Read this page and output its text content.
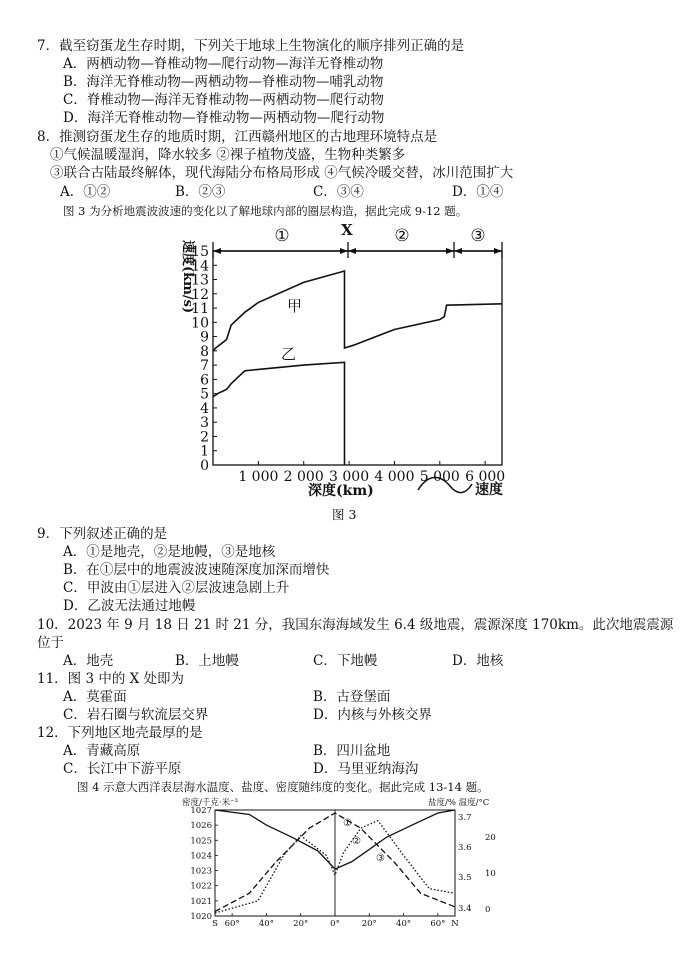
7．截至窃蛋龙生存时期，下列关于地球上生物演化的顺序排列正确的是
A．两栖动物—脊椎动物—爬行动物—海洋无脊椎动物
B．海洋无脊椎动物—两栖动物—脊椎动物—哺乳动物
C．脊椎动物—海洋无脊椎动物—两栖动物—爬行动物
D．海洋无脊椎动物—脊椎动物—两栖动物—爬行动物
8．推测窃蛋龙生存的地质时期，江西赣州地区的古地理环境特点是
①气候温暖湿润，降水较多 ②裸子植物茂盛，生物种类繁多
③联合古陆最终解体，现代海陆分布格局形成 ④气候冷暖交替，冰川范围扩大
A．①②	B．②③	C．③④	D．①④
图 3 为分析地震波波速的变化以了解地球内部的圈层构造，据此完成 9-12 题。
①	X ②	③
0
1
2
3
4
5
6
7
8
9
10
11
12
13
14
15
1 000 2 000 3 000 4 000 5 000 6 000
速度(km/s)	甲
乙
深度(km)	速度
图 3
9．下列叙述正确的是
A．①是地壳，②是地幔，③是地核
B．在①层中的地震波波速随深度加深而增快
C．甲波由①层进入②层波速急剧上升
D．乙波无法通过地幔
10．2023 年 9 月 18 日 21 时 21 分，我国东海海域发生 6.4 级地震，震源深度 170km。此次地震震源
位于
A．地壳	B．上地幔	C．下地幔	D．地核
11．图 3 中的 X 处即为
A．莫霍面	B．古登堡面
C．岩石圈与软流层交界	D．内核与外核交界
12．下列地区地壳最厚的是
A．青藏高原	B．四川盆地
C．长江中下游平原	D．马里亚纳海沟
图 4 示意大西洋表层海水温度、盐度、密度随纬度的变化。据此完成 13-14 题。
密度/千克·米⁻³	盐度/% 温度/°C
1027
1026
1025
1024
1023
1022
1021
1020
3.7
3.6
3.5
3.4
20
10
0
S 60° 40° 20°	0°	20° 40° 60° N
①
②
③
